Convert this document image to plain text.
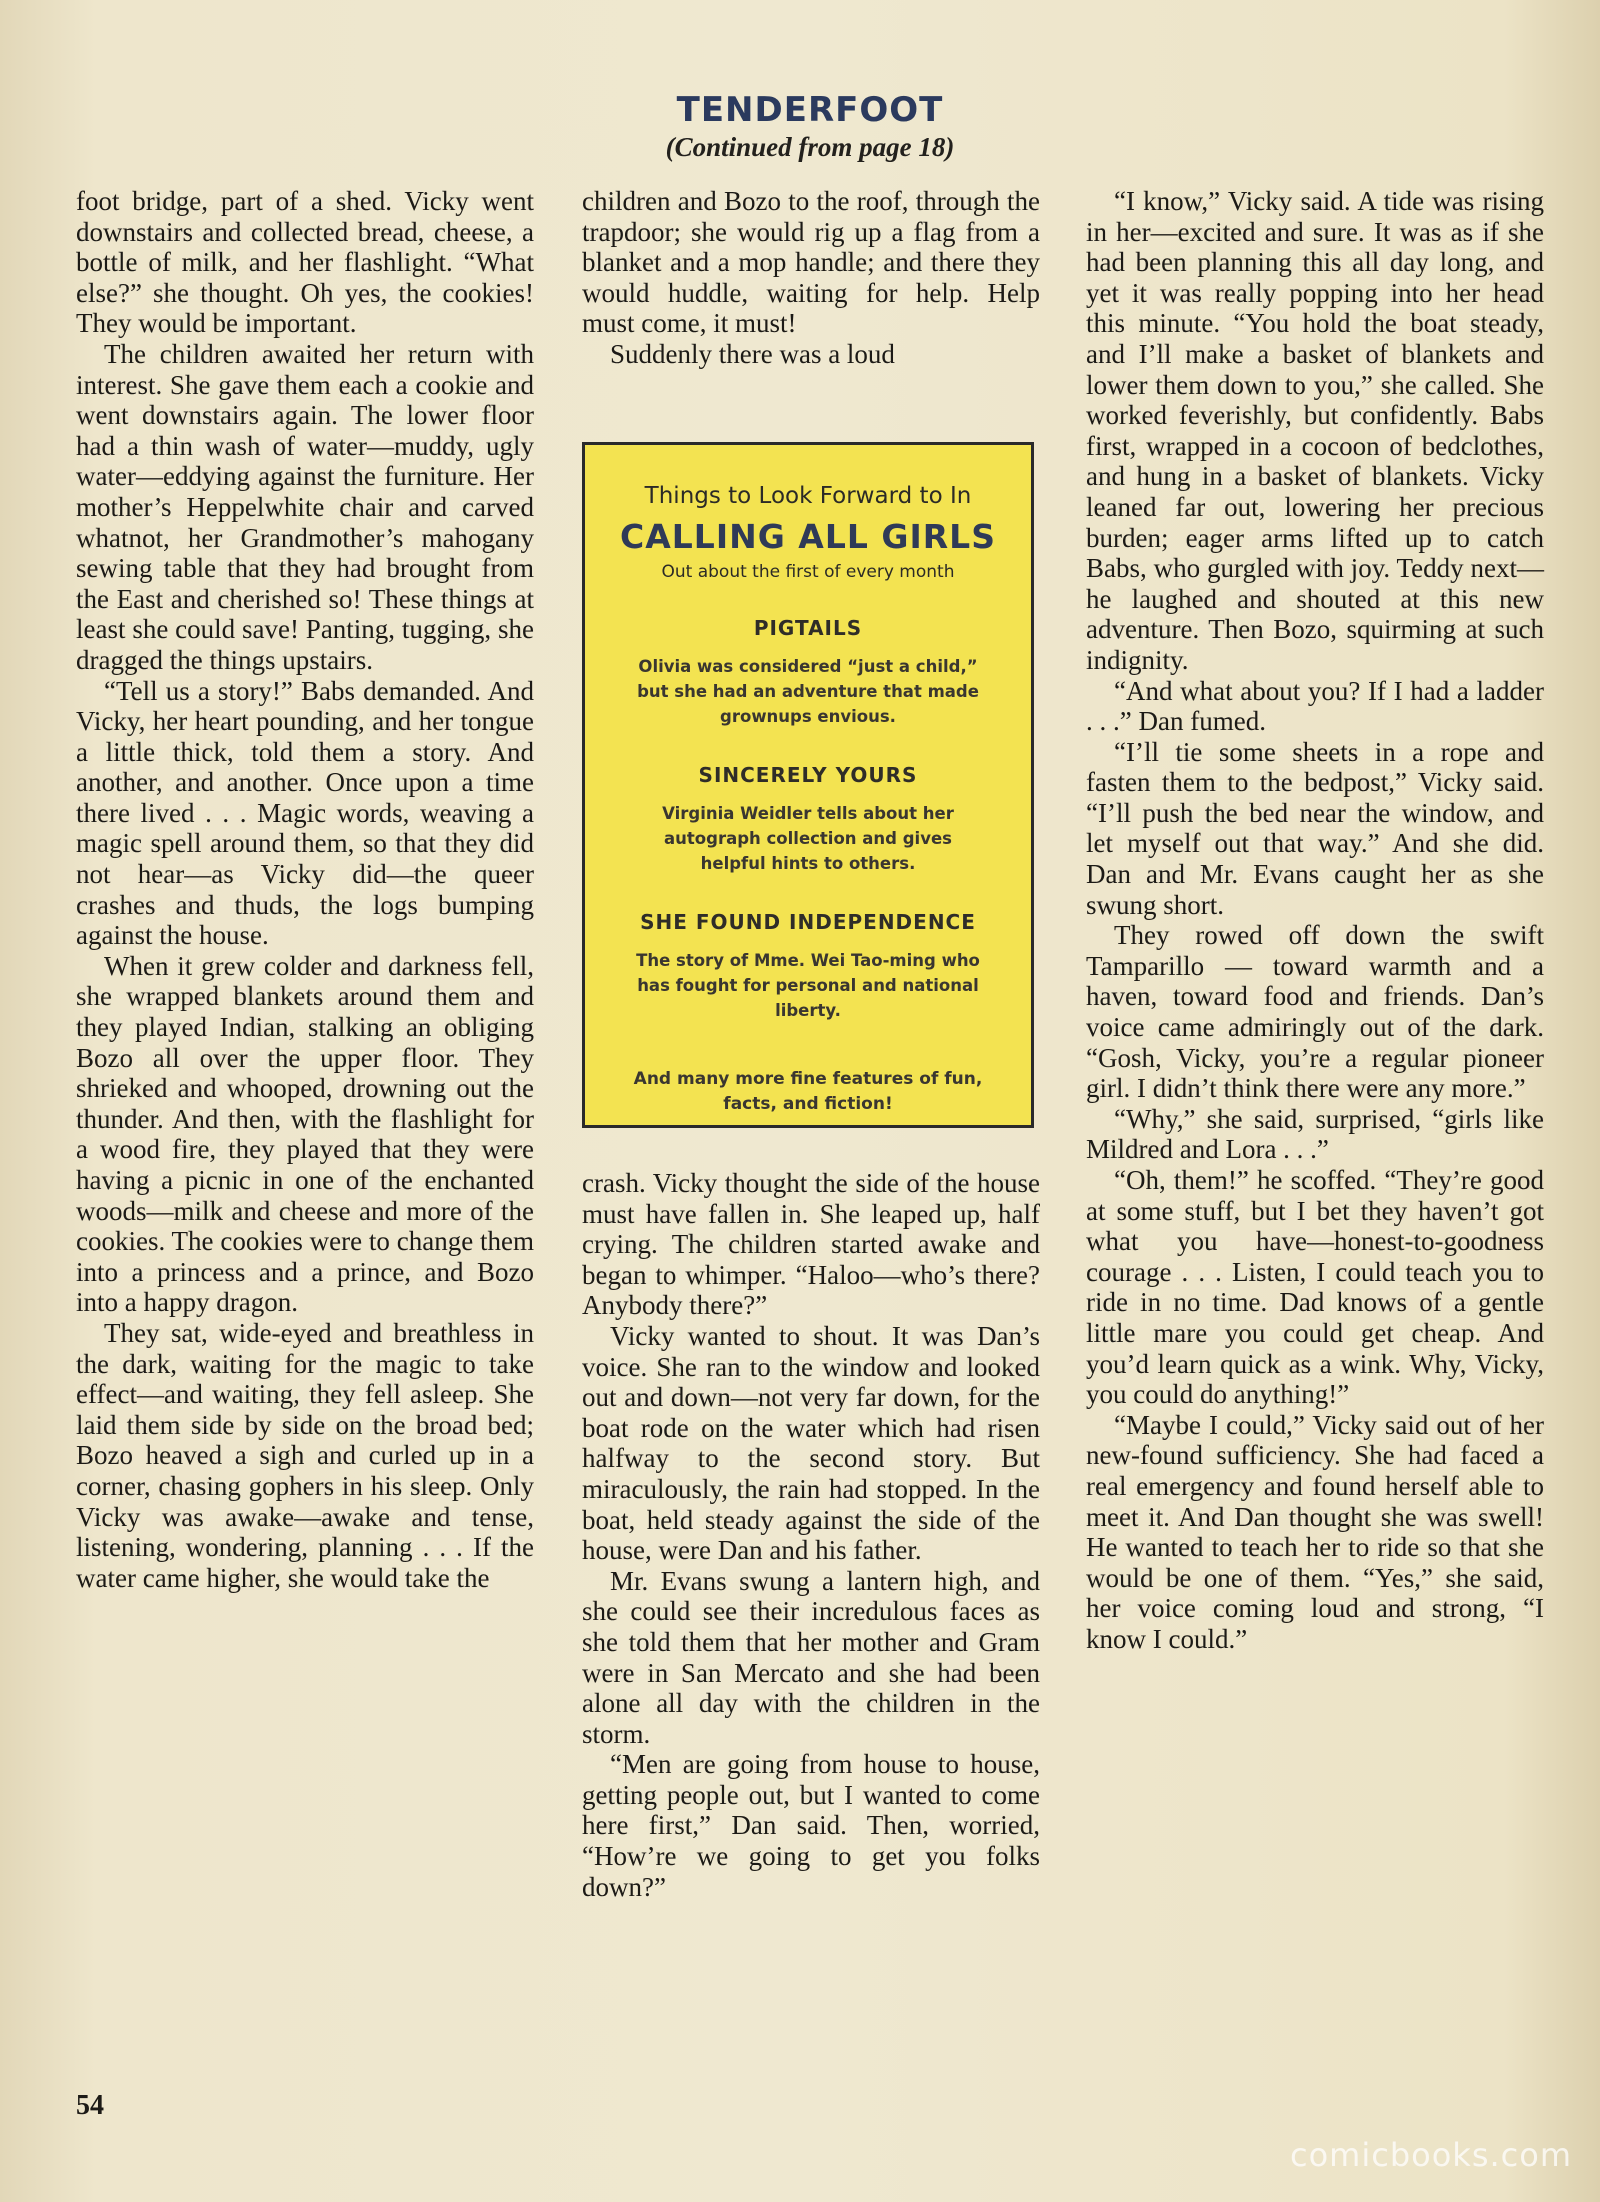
TENDERFOOT
(Continued from page 18)

foot bridge, part of a shed. Vicky went downstairs and collected bread, cheese, a bottle of milk, and her flashlight. “What else?” she thought. Oh yes, the cookies! They would be important.

The children awaited her return with interest. She gave them each a cookie and went downstairs again. The lower floor had a thin wash of water—muddy, ugly water—eddying against the furniture. Her mother’s Heppelwhite chair and carved whatnot, her Grandmother’s mahogany sewing table that they had brought from the East and cherished so! These things at least she could save! Panting, tugging, she dragged the things upstairs.

“Tell us a story!” Babs demanded. And Vicky, her heart pounding, and her tongue a little thick, told them a story. And another, and another. Once upon a time there lived . . . Magic words, weaving a magic spell around them, so that they did not hear—as Vicky did—the queer crashes and thuds, the logs bumping against the house.

When it grew colder and darkness fell, she wrapped blankets around them and they played Indian, stalking an obliging Bozo all over the upper floor. They shrieked and whooped, drowning out the thunder. And then, with the flashlight for a wood fire, they played that they were having a picnic in one of the enchanted woods—milk and cheese and more of the cookies. The cookies were to change them into a princess and a prince, and Bozo into a happy dragon.

They sat, wide-eyed and breathless in the dark, waiting for the magic to take effect—and waiting, they fell asleep. She laid them side by side on the broad bed; Bozo heaved a sigh and curled up in a corner, chasing gophers in his sleep. Only Vicky was awake—awake and tense, listening, wondering, planning . . . If the water came higher, she would take the

children and Bozo to the roof, through the trapdoor; she would rig up a flag from a blanket and a mop handle; and there they would huddle, waiting for help. Help must come, it must!

Suddenly there was a loud

Things to Look Forward to In
CALLING ALL GIRLS
Out about the first of every month
PIGTAILS
Olivia was considered “just a child,” but she had an adventure that made grownups envious.
SINCERELY YOURS
Virginia Weidler tells about her autograph collection and gives helpful hints to others.
SHE FOUND INDEPENDENCE
The story of Mme. Wei Tao-ming who has fought for personal and national liberty.
And many more fine features of fun, facts, and fiction!

crash. Vicky thought the side of the house must have fallen in. She leaped up, half crying. The children started awake and began to whimper. “Haloo—who’s there? Anybody there?”

Vicky wanted to shout. It was Dan’s voice. She ran to the window and looked out and down—not very far down, for the boat rode on the water which had risen halfway to the second story. But miraculously, the rain had stopped. In the boat, held steady against the side of the house, were Dan and his father.

Mr. Evans swung a lantern high, and she could see their incredulous faces as she told them that her mother and Gram were in San Mercato and she had been alone all day with the children in the storm.

“Men are going from house to house, getting people out, but I wanted to come here first,” Dan said. Then, worried, “How’re we going to get you folks down?”

“I know,” Vicky said. A tide was rising in her—excited and sure. It was as if she had been planning this all day long, and yet it was really popping into her head this minute. “You hold the boat steady, and I’ll make a basket of blankets and lower them down to you,” she called. She worked feverishly, but confidently. Babs first, wrapped in a cocoon of bedclothes, and hung in a basket of blankets. Vicky leaned far out, lowering her precious burden; eager arms lifted up to catch Babs, who gurgled with joy. Teddy next—he laughed and shouted at this new adventure. Then Bozo, squirming at such indignity.

“And what about you? If I had a ladder . . .” Dan fumed.

“I’ll tie some sheets in a rope and fasten them to the bedpost,” Vicky said. “I’ll push the bed near the window, and let myself out that way.” And she did. Dan and Mr. Evans caught her as she swung short.

They rowed off down the swift Tamparillo — toward warmth and a haven, toward food and friends. Dan’s voice came admiringly out of the dark. “Gosh, Vicky, you’re a regular pioneer girl. I didn’t think there were any more.”

“Why,” she said, surprised, “girls like Mildred and Lora . . .”

“Oh, them!” he scoffed. “They’re good at some stuff, but I bet they haven’t got what you have—honest-to-goodness courage . . . Listen, I could teach you to ride in no time. Dad knows of a gentle little mare you could get cheap. And you’d learn quick as a wink. Why, Vicky, you could do anything!”

“Maybe I could,” Vicky said out of her new-found sufficiency. She had faced a real emergency and found herself able to meet it. And Dan thought she was swell! He wanted to teach her to ride so that she would be one of them. “Yes,” she said, her voice coming loud and strong, “I know I could.”

54
comicbooks.com
